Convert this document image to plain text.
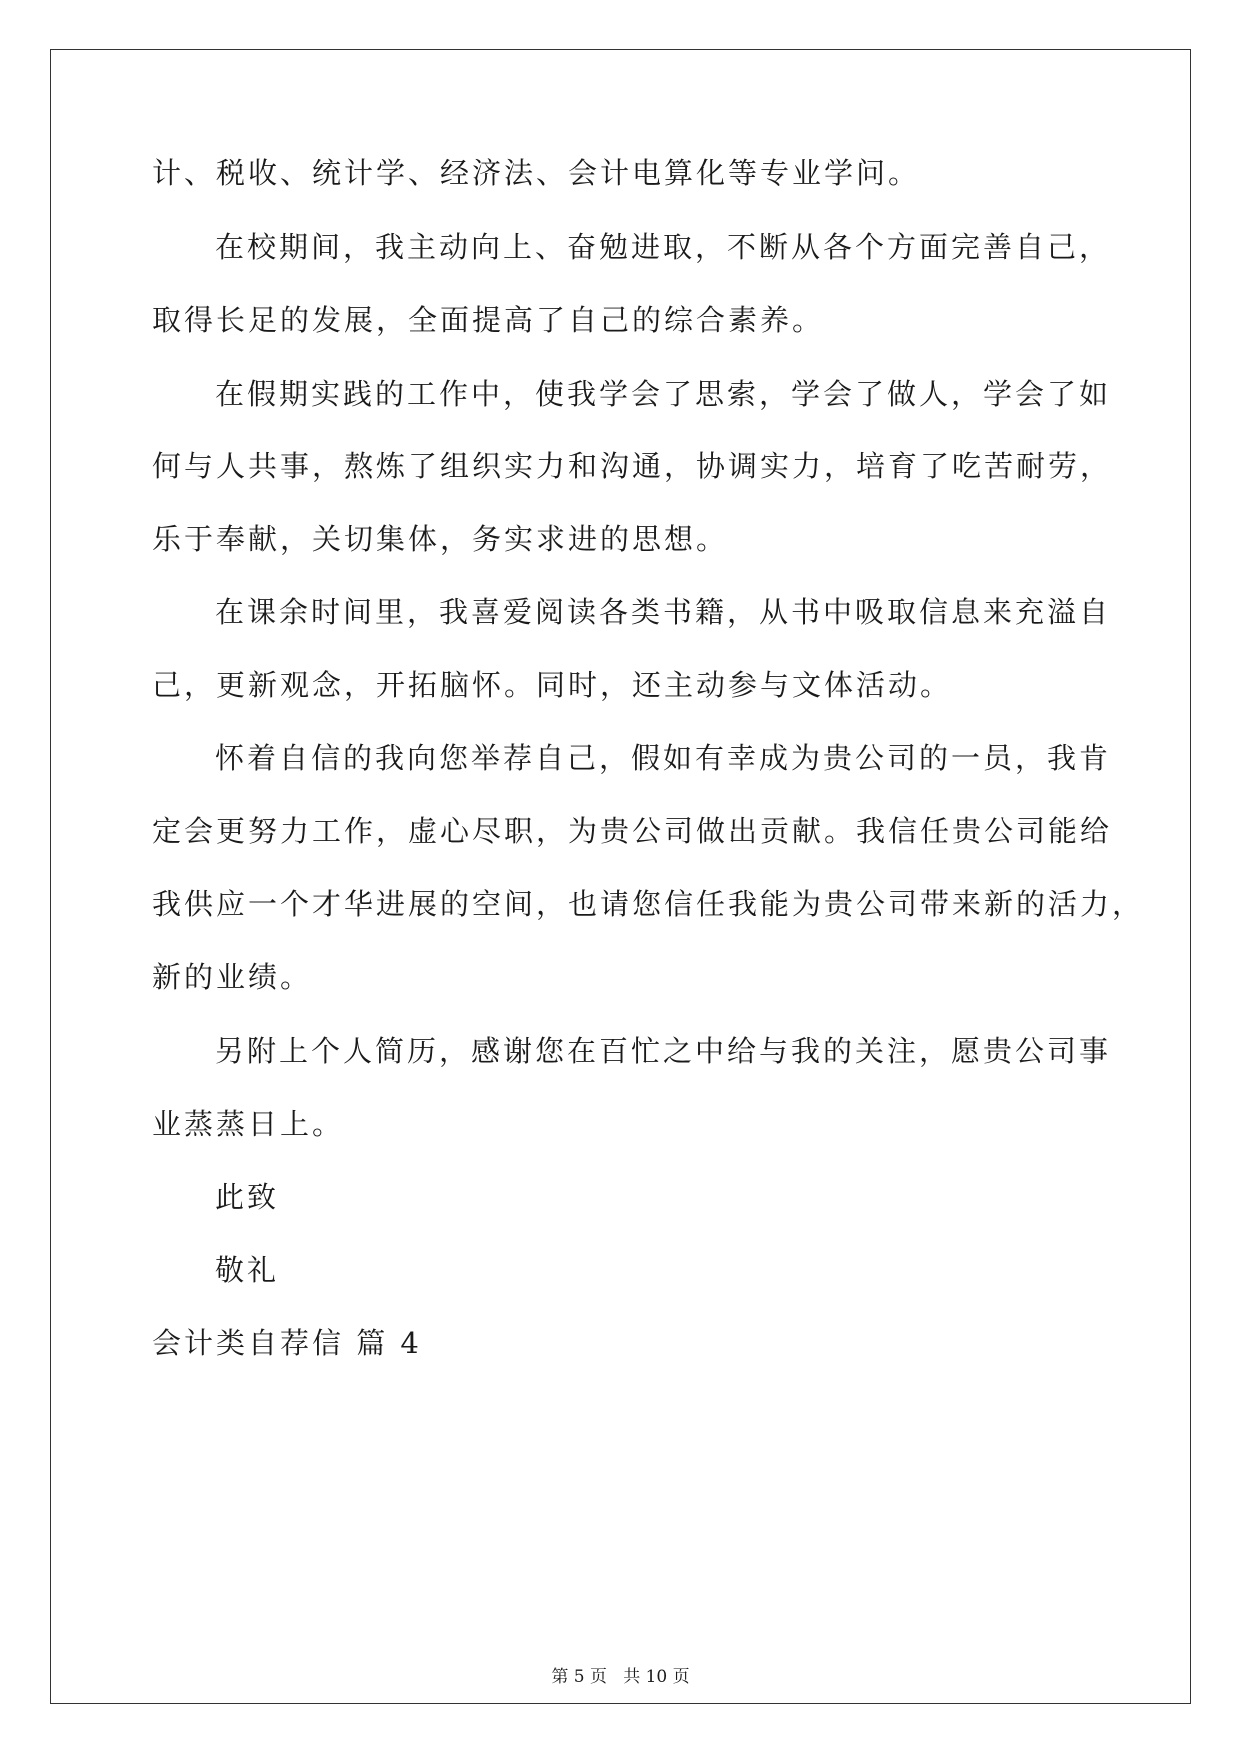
计、税收、统计学、经济法、会计电算化等专业学问。
在校期间，我主动向上、奋勉进取，不断从各个方面完善自己，
取得长足的发展，全面提高了自己的综合素养。
在假期实践的工作中，使我学会了思索，学会了做人，学会了如
何与人共事，熬炼了组织实力和沟通，协调实力，培育了吃苦耐劳，
乐于奉献，关切集体，务实求进的思想。
在课余时间里，我喜爱阅读各类书籍，从书中吸取信息来充溢自
己，更新观念，开拓脑怀。同时，还主动参与文体活动。
怀着自信的我向您举荐自己，假如有幸成为贵公司的一员，我肯
定会更努力工作，虚心尽职，为贵公司做出贡献。我信任贵公司能给
我供应一个才华进展的空间，也请您信任我能为贵公司带来新的活力，
新的业绩。
另附上个人简历，感谢您在百忙之中给与我的关注，愿贵公司事
业蒸蒸日上。
此致
敬礼
会计类自荐信 篇 4
第 5 页   共 10 页
